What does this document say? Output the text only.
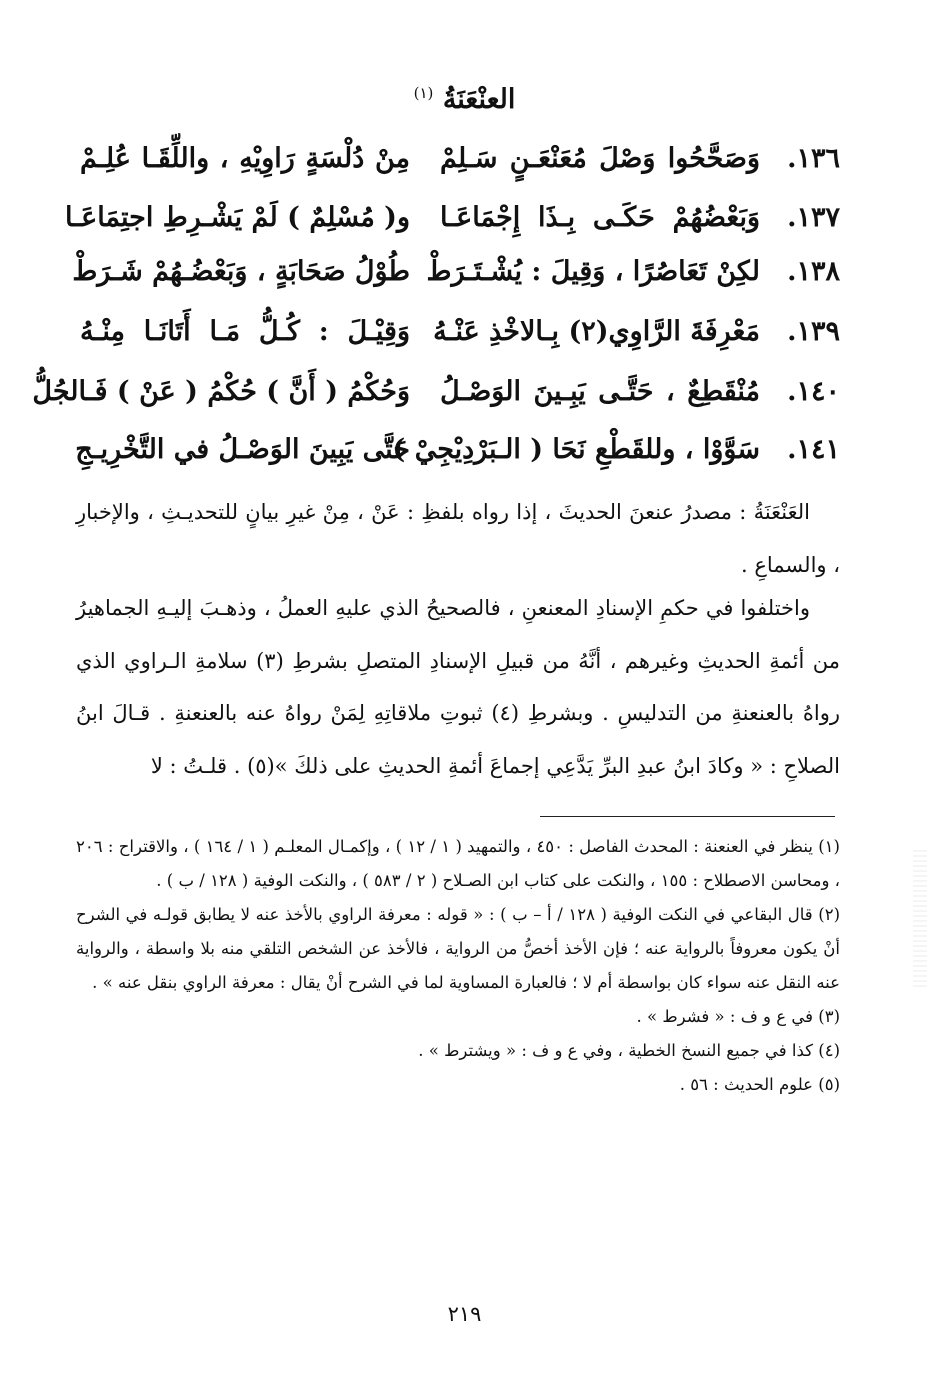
العنْعَنَةُ $^{(١)}$
١٣٦.
وَصَحَّحُوا وَصْلَ مُعَنْعَـنٍ سَـلِمْ
مِنْ دُلْسَةٍ رَاوِيْهِ ، واللِّقَـا عُلِـمْ
١٣٧.
وَبَعْضُهُمْ حَكَـى بِـذَا إِجْمَاعَـا
و( مُسْلِمٌ ) لَمْ يَشْـرِطِ اجتِمَاعَـا
١٣٨.
لكِنْ تَعَاصُرًا ، وَقِيلَ : يُشْـتَـرَطْ
طُوْلُ صَحَابَةٍ ، وَبَعْضُـهُمْ شَـرَطْ
١٣٩.
مَعْرِفَةَ الرَّاوِي(٢) بِـالاخْذِ عَنْـهُ
وَقِيْـلَ : كُـلُّ مَـا أَتَانَـا مِنْـهُ
١٤٠.
مُنْقَطِعٌ ، حَتَّـى يَبِـينَ الوَصْـلُ
وَحُكْمُ ( أَنَّ ) حُكْمُ ( عَنْ ) فَـالجُلُّ
١٤١.
سَوَّوْا ، وللقَطْعِ نَحَا ( الـبَرْدِيْجِيْ )
حَتَّى يَبِينَ الوَصْـلُ في التَّخْرِيـجِ

العَنْعَنَةُ : مصدرُ عنعنَ الحديثَ ، إذا رواه بلفظِ : عَنْ ، مِنْ غيرِ بيانٍ للتحديـثِ ، والإخبارِ ، والسماعِ .

واختلفوا في حكمِ الإسنادِ المعنعنِ ، فالصحيحُ الذي عليهِ العملُ ، وذهـبَ إليـهِ الجماهيرُ من أئمةِ الحديثِ وغيرهم ، أنَّهُ من قبيلِ الإسنادِ المتصلِ بشرطِ (٣) سلامةِ الـراوي الذي رواهُ بالعنعنةِ من التدليسِ . وبشرطِ (٤) ثبوتِ ملاقاتِهِ لِمَنْ رواهُ عنه بالعنعنةِ . قـالَ ابنُ الصلاحِ : « وكادَ ابنُ عبدِ البرِّ يَدَّعِي إجماعَ أئمةِ الحديثِ على ذلكَ »(٥) . قلـتُ : لا

(١) ينظر في العنعنة : المحدث الفاصل : ٤٥٠ ، والتمهيد ( ١ / ١٢ ) ، وإكمـال المعلـم ( ١ / ١٦٤ ) ، والاقتراح : ٢٠٦ ، ومحاسن الاصطلاح : ١٥٥ ، والنكت على كتاب ابن الصـلاح ( ٢ / ٥٨٣ ) ، والنكت الوفية ( ١٢٨ / ب ) .

(٢) قال البقاعي في النكت الوفية ( ١٢٨ / أ – ب ) : « قوله : معرفة الراوي بالأخذ عنه لا يطابق قولـه في الشرح أنْ يكون معروفاً بالرواية عنه ؛ فإن الأخذ أخصُّ من الرواية ، فالأخذ عن الشخص التلقي منه بلا واسطة ، والرواية عنه النقل عنه سواء كان بواسطة أم لا ؛ فالعبارة المساوية لما في الشرح أنْ يقال : معرفة الراوي بنقل عنه » .

(٣) في ع و ف : « فشرط » .

(٤) كذا في جميع النسخ الخطية ، وفي ع و ف : « ويشترط » .

(٥) علوم الحديث : ٥٦ .

٢١٩
